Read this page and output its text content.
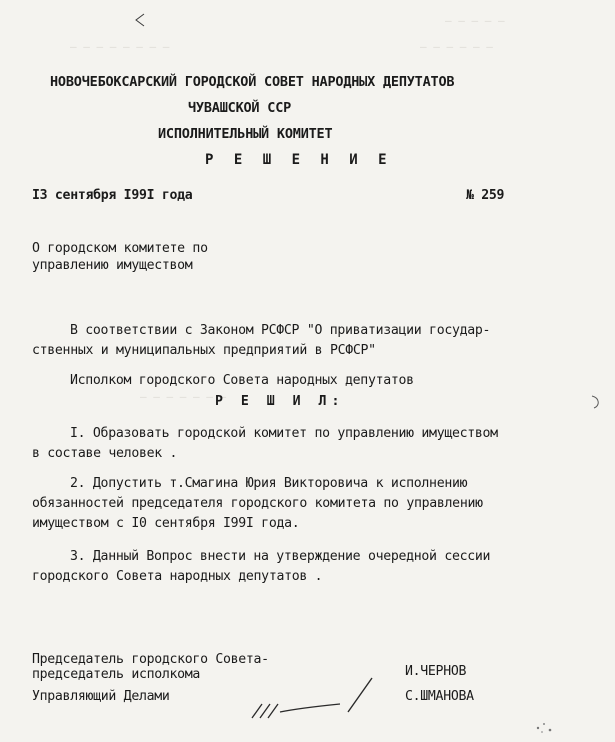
— — — — — — — —	— — — — — —
— — — — —
— — — — — — —
НОВОЧЕБОКСАРСКИЙ ГОРОДСКОЙ СОВЕТ НАРОДНЫХ ДЕПУТАТОВ
ЧУВАШСКОЙ ССР
ИСПОЛНИТЕЛЬНЫЙ КОМИТЕТ
Р Е Ш Е Н И Е
I3 сентября I99I года	№ 259
О городском комитете по
управлению имуществом
В соответствии с Законом РСФСР "О приватизации государ-
ственных и муниципальных предприятий в РСФСР"
Исполком городского Совета народных депутатов
Р Е Ш И Л:
I. Образовать городской комитет по управлению имуществом
в составе человек .
2. Допустить т.Смагина Юрия Викторовича к исполнению
обязанностей председателя городского комитета по управлению
имуществом с I0 сентября I99I года.
3. Данный Вопрос внести на утверждение очередной сессии
городского Совета народных депутатов .
Председатель городского Совета-
председатель исполкома	И.ЧЕРНОВ
Управляющий Делами	С.ШМАНОВА
